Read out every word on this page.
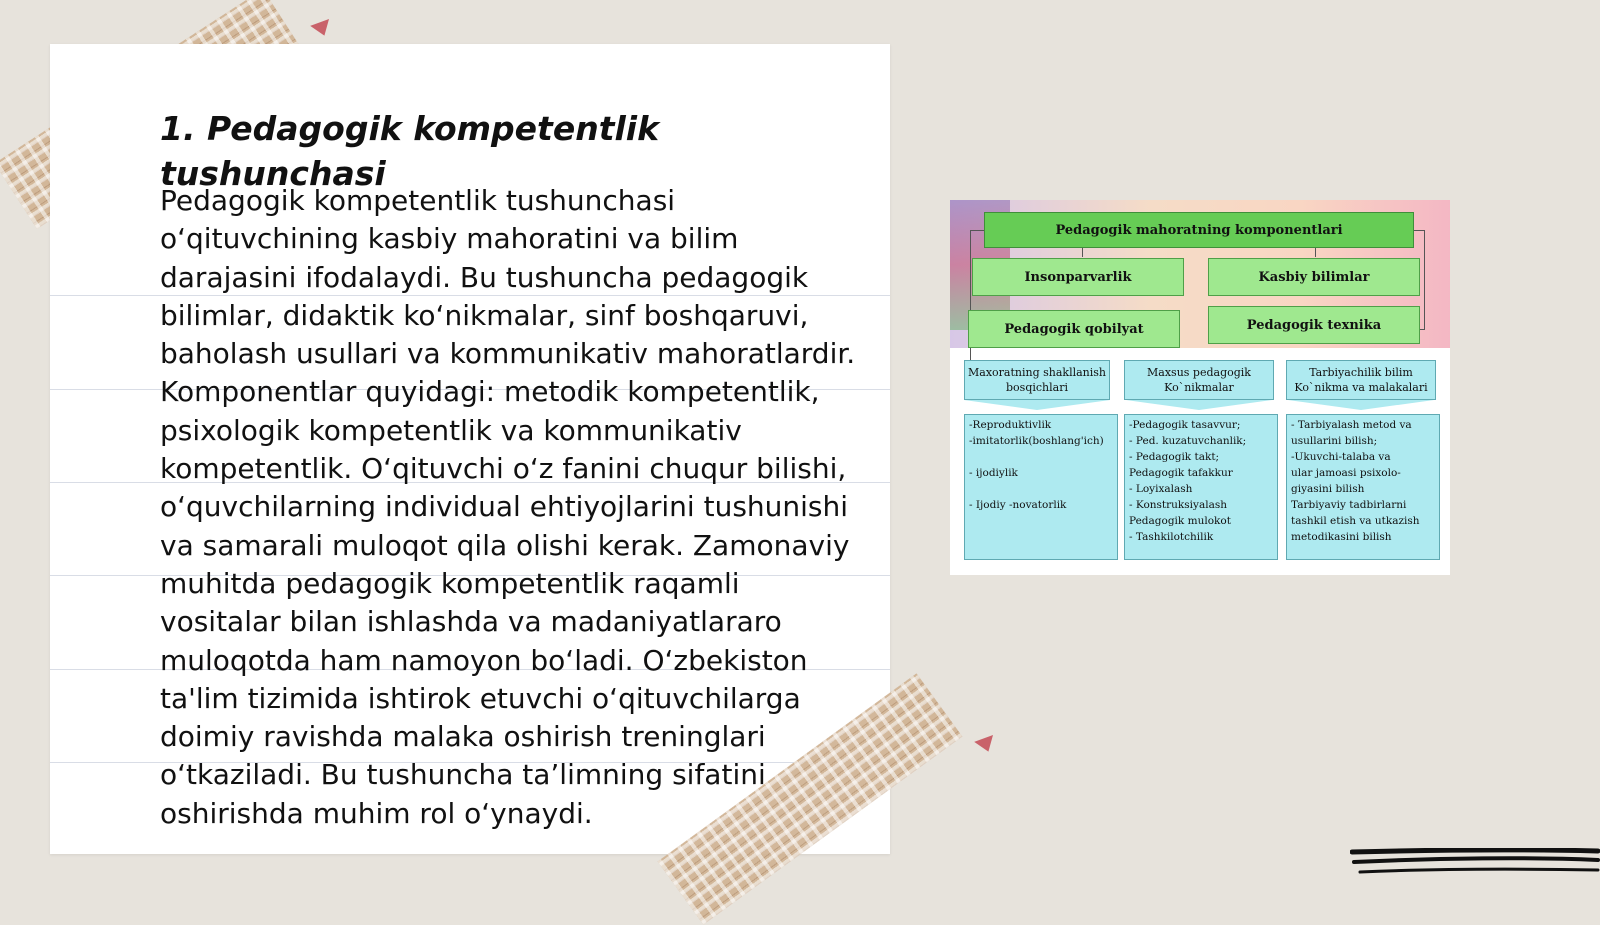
1. Pedagogik kompetentlik tushunchasi

Pedagogik kompetentlik tushunchasi o‘qituvchining kasbiy mahoratini va bilim darajasini ifodalaydi. Bu tushuncha pedagogik bilimlar, didaktik ko‘nikmalar, sinf boshqaruvi, baholash usullari va kommunikativ mahoratlardir. Komponentlar quyidagi: metodik kompetentlik, psixologik kompetentlik va kommunikativ kompetentlik. O‘qituvchi o‘z fanini chuqur bilishi, o‘quvchilarning individual ehtiyojlarini tushunishi va samarali muloqot qila olishi kerak. Zamonaviy muhitda pedagogik kompetentlik raqamli vositalar bilan ishlashda va madaniyatlararo muloqotda ham namoyon bo‘ladi. O‘zbekiston ta'lim tizimida ishtirok etuvchi o‘qituvchilarga doimiy ravishda malaka oshirish treninglari o‘tkaziladi. Bu tushuncha ta’limning sifatini oshirishda muhim rol o‘ynaydi.

Pedagogik mahoratning komponentlari
Insonparvarlik	Kasbiy bilimlar
Pedagogik qobilyat	Pedagogik texnika
Maxoratning shakllanish bosqichlari
Maxsus pedagogik Ko`nikmalar
Tarbiyachilik bilim Ko`nikma va malakalari
-Reproduktivlik
-imitatorlik(boshlang'ich)

- ijodiylik

- Ijodiy -novatorlik
-Pedagogik tasavvur;
- Ped. kuzatuvchanlik;
- Pedagogik takt;
Pedagogik tafakkur
- Loyixalash
- Konstruksiyalash
Pedagogik mulokot
- Tashkilotchilik
- Tarbiyalash metod va
usullarini bilish;
-Ukuvchi-talaba va
ular jamoasi psixolo-
giyasini bilish
Tarbiyaviy tadbirlarni
tashkil etish va utkazish
metodikasini bilish
